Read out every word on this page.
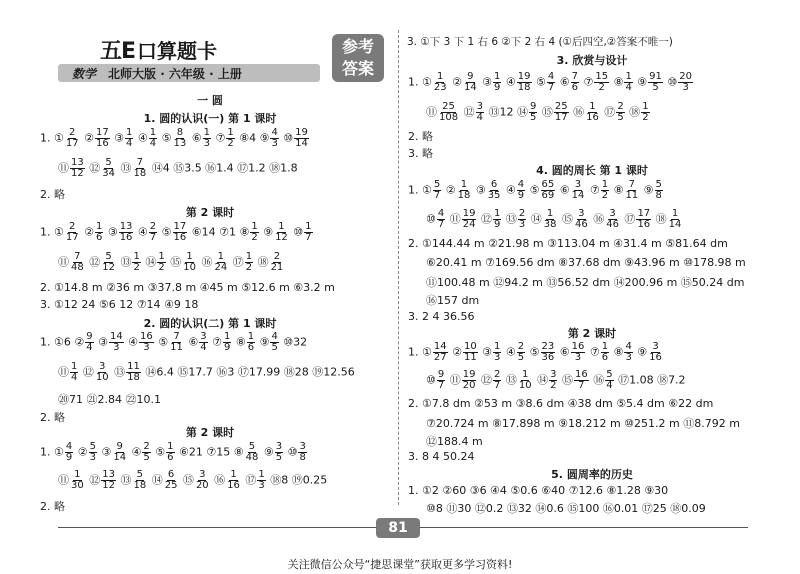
五E 口算题卡
数学 北师大版 · 六年级 · 上册
参考
答案
一 圆
1. 圆的认识(一) 第 1 课时
1. ① $\frac{2}{17}$ ② $\frac{17}{16}$ ③ $\frac{1}{4}$ ④ $\frac{1}{4}$ ⑤ $\frac{8}{13}$ ⑥ $\frac{1}{3}$ ⑦ $\frac{1}{2}$ ⑧4 ⑨ $\frac{4}{3}$ ⑩ $\frac{19}{14}$
⑪ $\frac{13}{12}$ ⑫ $\frac{5}{34}$ ⑬ $\frac{7}{18}$ ⑭4 ⑮3.5 ⑯1.4 ⑰1.2 ⑱1.8
2. 略
第 2 课时
1. ① $\frac{2}{17}$ ② $\frac{1}{6}$ ③ $\frac{13}{16}$ ④ $\frac{2}{7}$ ⑤ $\frac{17}{16}$ ⑥14 ⑦1 ⑧ $\frac{1}{2}$ ⑨ $\frac{1}{12}$ ⑩ $\frac{1}{7}$
⑪ $\frac{7}{48}$ ⑫ $\frac{5}{12}$ ⑬ $\frac{1}{2}$ ⑭ $\frac{1}{2}$ ⑮ $\frac{1}{10}$ ⑯ $\frac{1}{24}$ ⑰ $\frac{1}{2}$ ⑱ $\frac{2}{21}$
2. ①14.8 m ②36 m ③37.8 m ④45 m ⑤12.6 m ⑥3.2 m
3. ①12 24 ⑤6 12 ⑦14 ④9 18
2. 圆的认识(二) 第 1 课时
1. ①6 ② $\frac{9}{4}$ ③ $\frac{14}{3}$ ④ $\frac{16}{3}$ ⑤ $\frac{7}{11}$ ⑥ $\frac{3}{4}$ ⑦ $\frac{1}{9}$ ⑧ $\frac{1}{6}$ ⑨ $\frac{4}{5}$ ⑩32
⑪ $\frac{1}{4}$ ⑫ $\frac{3}{10}$ ⑬ $\frac{11}{18}$ ⑭6.4 ⑮17.7 ⑯3 ⑰17.99 ⑱28 ⑲12.56
⑳71 ㉑2.84 ㉒10.1
2. 略
第 2 课时
1. ① $\frac{4}{9}$ ② $\frac{5}{3}$ ③ $\frac{9}{14}$ ④ $\frac{2}{5}$ ⑤ $\frac{1}{6}$ ⑥21 ⑦15 ⑧ $\frac{5}{48}$ ⑨ $\frac{3}{5}$ ⑩ $\frac{3}{8}$
⑪ $\frac{1}{30}$ ⑫ $\frac{13}{12}$ ⑬ $\frac{5}{18}$ ⑭ $\frac{6}{25}$ ⑮ $\frac{3}{20}$ ⑯ $\frac{1}{16}$ ⑰ $\frac{1}{3}$ ⑱8 ⑲0.25
2. 略
3. ①下 3 下 1 右 6 ②下 2 右 4 (①后四空,②答案不唯一)
3. 欣赏与设计
1. ① $\frac{1}{23}$ ② $\frac{9}{14}$ ③ $\frac{1}{9}$ ④ $\frac{19}{18}$ ⑤ $\frac{4}{7}$ ⑥ $\frac{7}{6}$ ⑦ $\frac{15}{2}$ ⑧ $\frac{1}{4}$ ⑨ $\frac{91}{5}$ ⑩ $\frac{20}{3}$
⑪ $\frac{25}{108}$ ⑫ $\frac{3}{4}$ ⑬12 ⑭ $\frac{9}{5}$ ⑮ $\frac{25}{17}$ ⑯ $\frac{1}{16}$ ⑰ $\frac{2}{5}$ ⑱ $\frac{1}{2}$
2. 略
3. 略
4. 圆的周长 第 1 课时
1. ① $\frac{5}{7}$ ② $\frac{1}{18}$ ③ $\frac{6}{35}$ ④ $\frac{4}{9}$ ⑤ $\frac{65}{69}$ ⑥ $\frac{3}{14}$ ⑦ $\frac{1}{2}$ ⑧ $\frac{7}{11}$ ⑨ $\frac{5}{8}$
⑩ $\frac{4}{7}$ ⑪ $\frac{19}{24}$ ⑫ $\frac{1}{9}$ ⑬ $\frac{2}{3}$ ⑭ $\frac{1}{38}$ ⑮ $\frac{3}{46}$ ⑯ $\frac{3}{46}$ ⑰ $\frac{17}{16}$ ⑱ $\frac{1}{14}$
2. ①144.44 m ②21.98 m ③113.04 m ④31.4 m ⑤81.64 dm
⑥20.41 m ⑦169.56 dm ⑧37.68 dm ⑨43.96 m ⑩178.98 m
⑪100.48 m ⑫94.2 m ⑬56.52 dm ⑭200.96 m ⑮50.24 dm
⑯157 dm
3. 2 4 36.56
第 2 课时
1. ① $\frac{14}{27}$ ② $\frac{10}{11}$ ③ $\frac{1}{3}$ ④ $\frac{2}{5}$ ⑤ $\frac{23}{36}$ ⑥ $\frac{16}{3}$ ⑦ $\frac{1}{6}$ ⑧ $\frac{4}{3}$ ⑨ $\frac{3}{16}$
⑩ $\frac{9}{7}$ ⑪ $\frac{19}{20}$ ⑫ $\frac{2}{7}$ ⑬ $\frac{1}{10}$ ⑭ $\frac{3}{2}$ ⑮ $\frac{16}{7}$ ⑯ $\frac{5}{4}$ ⑰1.08 ⑱7.2
2. ①7.8 dm ②53 m ③8.6 dm ④38 dm ⑤5.4 dm ⑥22 dm
⑦20.724 m ⑧17.898 m ⑨18.212 m ⑩251.2 m ⑪8.792 m
⑫188.4 m
3. 8 4 50.24
5. 圆周率的历史
1. ①2 ②60 ③6 ④4 ⑤0.6 ⑥40 ⑦12.6 ⑧1.28 ⑨30
⑩8 ⑪30 ⑫0.2 ⑬32 ⑭0.6 ⑮100 ⑯0.01 ⑰25 ⑱0.09
81
关注微信公众号“捷思课堂”获取更多学习资料!
